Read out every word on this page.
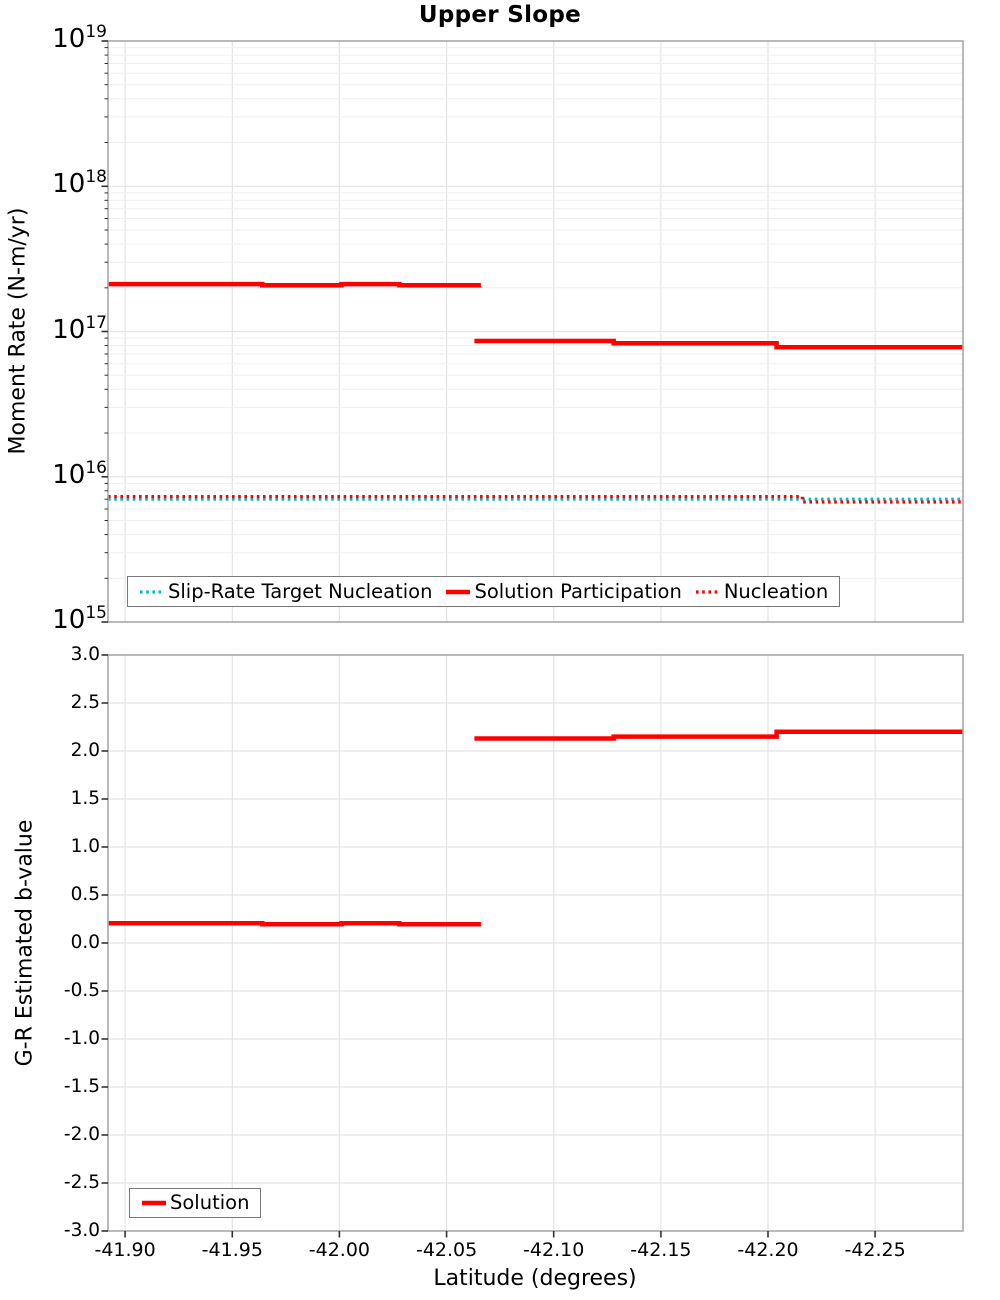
Upper Slope
Moment Rate (N-m/yr)
G-R Estimated b-value
Latitude (degrees)
1019
1018
1017
1016
1015
3.0
2.5
2.0
1.5
1.0
0.5
0.0
-0.5
-1.0
-1.5
-2.0
-2.5
-3.0
-41.90 -41.95 -42.00 -42.05 -42.10 -42.15 -42.20 -42.25
Slip-Rate Target Nucleation Solution Participation Nucleation
Solution
